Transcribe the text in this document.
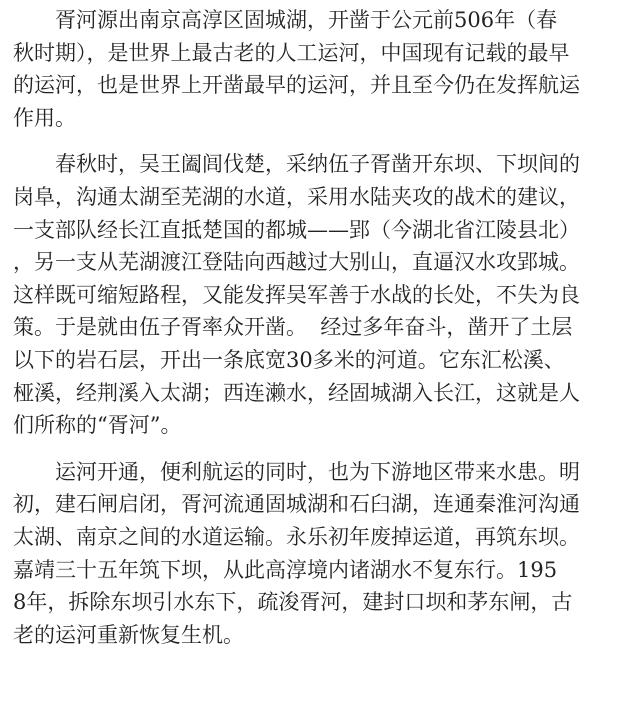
　　胥河源出南京高淳区固城湖，开凿于公元前506年（春
秋时期），是世界上最古老的人工运河，中国现有记载的最早
的运河，也是世界上开凿最早的运河，并且至今仍在发挥航运
作用。
　　春秋时，吴王阖闾伐楚，采纳伍子胥凿开东坝、下坝间的
岗阜，沟通太湖至芜湖的水道，采用水陆夹攻的战术的建议，
一支部队经长江直抵楚国的都城——郢（今湖北省江陵县北）
，另一支从芜湖渡江登陆向西越过大别山，直逼汉水攻郢城。
这样既可缩短路程，又能发挥吴军善于水战的长处，不失为良
策。于是就由伍子胥率众开凿。  经过多年奋斗，凿开了土层
以下的岩石层，开出一条底宽30多米的河道。它东汇松溪、
桠溪，经荆溪入太湖；西连濑水，经固城湖入长江，这就是人
们所称的“胥河”。
　　运河开通，便利航运的同时，也为下游地区带来水患。明
初，建石闸启闭，胥河流通固城湖和石臼湖，连通秦淮河沟通
太湖、南京之间的水道运输。永乐初年废掉运道，再筑东坝。
嘉靖三十五年筑下坝，从此高淳境内诸湖水不复东行。195
8年，拆除东坝引水东下，疏浚胥河，建封口坝和茅东闸，古
老的运河重新恢复生机。
